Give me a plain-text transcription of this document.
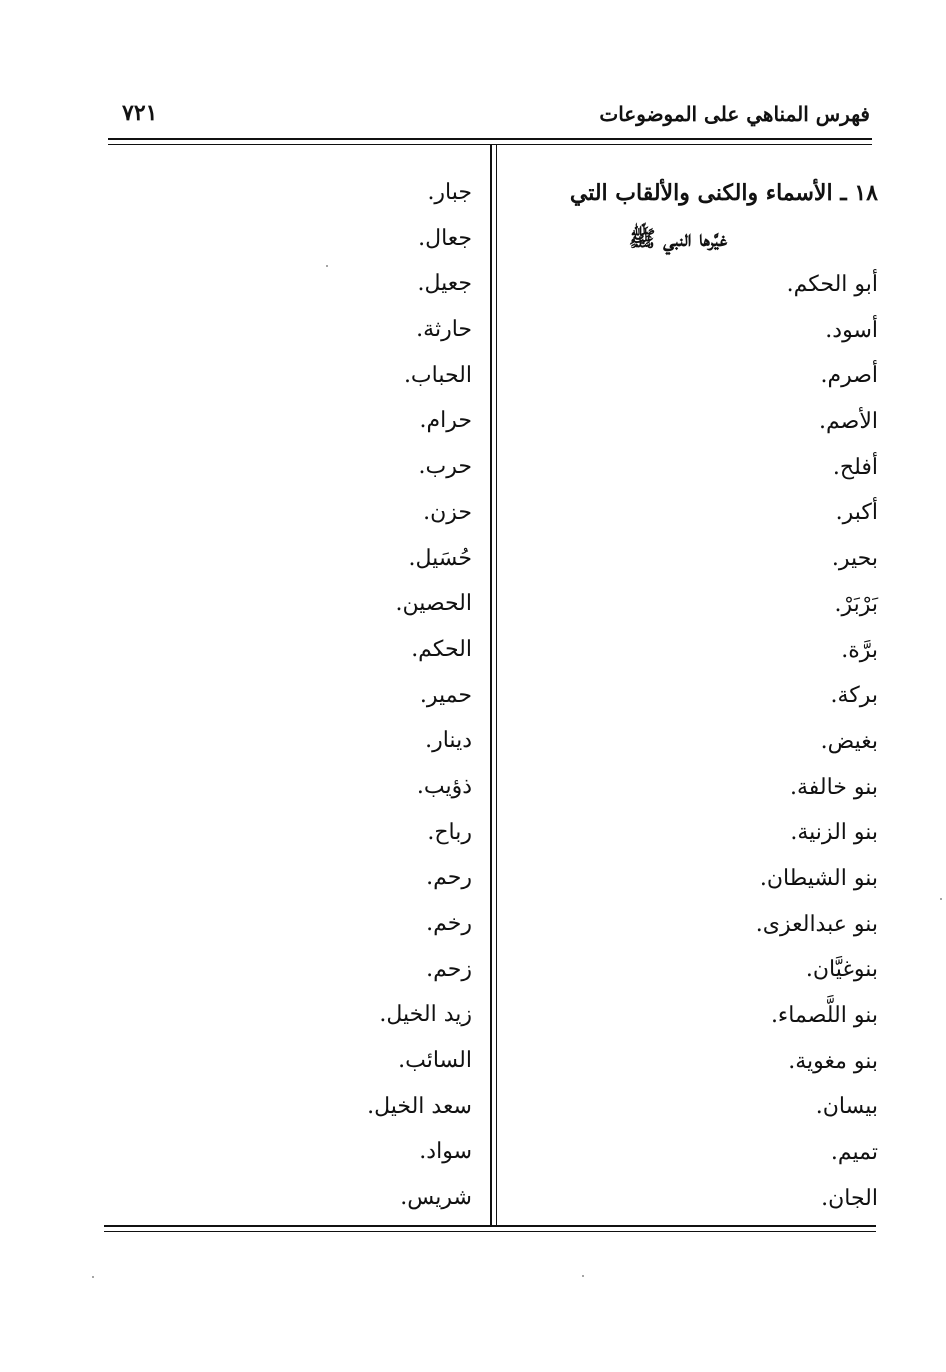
فهرس المناهي على الموضوعات
٧٢١
١٨ ـ الأسماء والكنى والألقاب التي
غيَّرها النبي ﷺ
أبو الحكم.
أسود.
أصرم.
الأصم.
أفلح.
أكبر.
بحير.
بَرْبَرْ.
برَّة.
بركة.
بغيض.
بنو خالفة.
بنو الزنية.
بنو الشيطان.
بنو عبدالعزى.
بنوغيَّان.
بنو اللَّصماء.
بنو مغوية.
بيسان.
تميم.
الجان.
جبار.
جعال.
جعيل.
حارثة.
الحباب.
حرام.
حرب.
حزن.
حُسَيل.
الحصين.
الحكم.
حمير.
دينار.
ذؤيب.
رباح.
رحم.
رخم.
زحم.
زيد الخيل.
السائب.
سعد الخيل.
سواد.
شريس.
